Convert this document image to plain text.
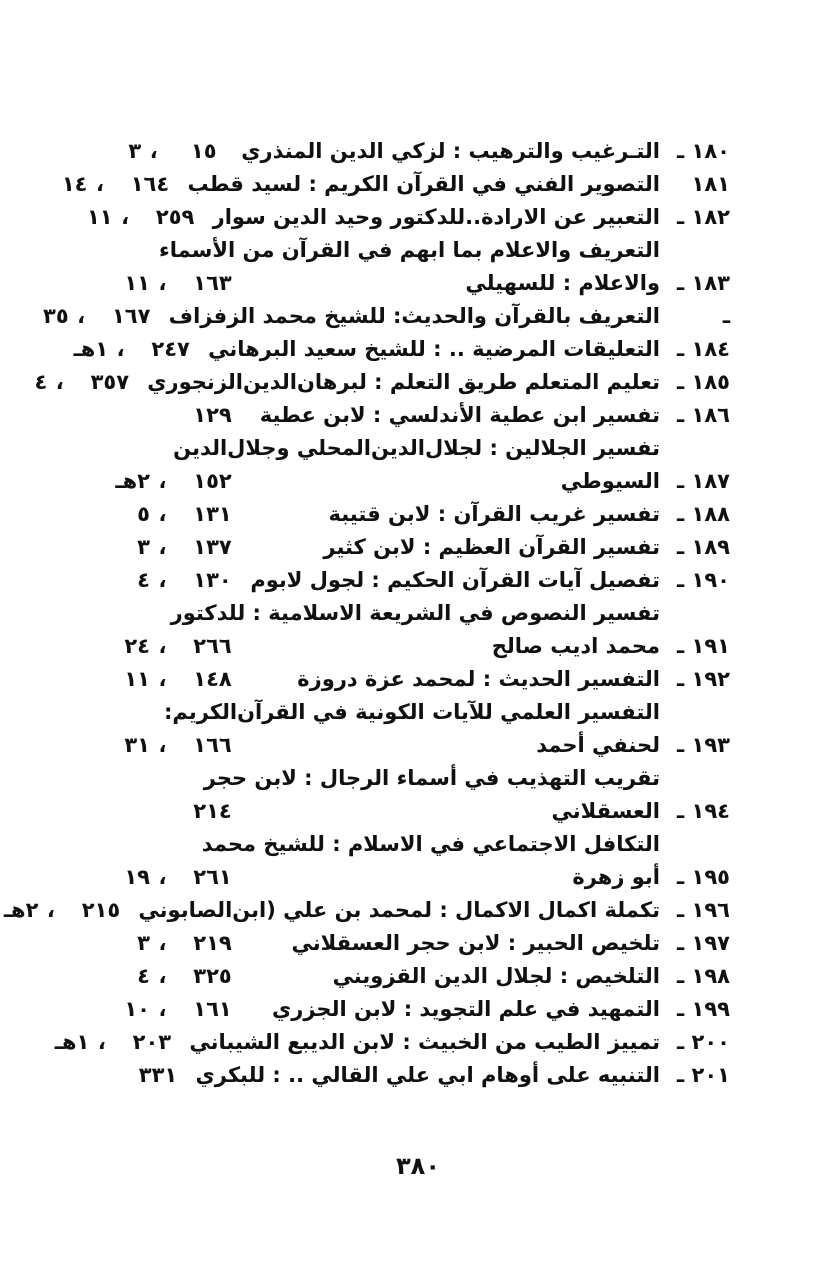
١٨٠ ـ
التـرغيب والترهيب : لزكي الدين المنذري
١٥
،
٣
١٨١
التصوير الفني في القرآن الكريم : لسيد قطب
١٦٤
،
١٤
١٨٢ ـ
التعبير عن الارادة..للدكتور وحيد الدين سوار
٢٥٩
،
١١
١٨٣ ـ
التعريف والاعلام بما ابهم في القرآن من الأسماء
والاعلام : للسهيلي
١٦٣
،
١١
ـ
التعريف بالقرآن والحديث: للشيخ محمد الزفزاف
١٦٧
،
٣٥
١٨٤ ـ
التعليقات المرضية .. : للشيخ سعيد البرهاني
٢٤٧
،
١هـ
١٨٥ ـ
تعليم المتعلم طريق التعلم : لبرهان‌الدين‌الزنجوري
٣٥٧
،
٤
١٨٦ ـ
تفسير ابن عطية الأندلسي : لابن عطية
١٢٩
١٨٧ ـ
تفسير الجلالين : لجلال‌الدين‌المحلي وجلال‌الدين
السيوطي
١٥٢
،
٢هـ
١٨٨ ـ
تفسير غريب القرآن : لابن قتيبة
١٣١
،
٥
١٨٩ ـ
تفسير القرآن العظيم : لابن كثير
١٣٧
،
٣
١٩٠ ـ
تفصيل آيات القرآن الحكيم : لجول لابوم
١٣٠
،
٤
١٩١ ـ
تفسير النصوص في الشريعة الاسلامية : للدكتور
محمد اديب صالح
٢٦٦
،
٢٤
١٩٢ ـ
التفسير الحديث : لمحمد عزة دروزة
١٤٨
،
١١
١٩٣ ـ
التفسير العلمي للآيات الكونية في القرآن‌الكريم:
لحنفي أحمد
١٦٦
،
٣١
١٩٤ ـ
تقريب التهذيب في أسماء الرجال : لابن حجر
العسقلاني
٢١٤
١٩٥ ـ
التكافل الاجتماعي في الاسلام : للشيخ محمد
أبو زهرة
٢٦١
،
١٩
١٩٦ ـ
تكملة اكمال الاكمال : لمحمد بن علي (ابن‌الصابوني
٢١٥
،
٢هـ
١٩٧ ـ
تلخيص الحبير : لابن حجر العسقلاني
٢١٩
،
٣
١٩٨ ـ
التلخيص : لجلال الدين القزويني
٣٢٥
،
٤
١٩٩ ـ
التمهيد في علم التجويد : لابن الجزري
١٦١
،
١٠
٢٠٠ ـ
تمييز الطيب من الخبيث : لابن الديبع الشيباني
٢٠٣
،
١هـ
٢٠١ ـ
التنبيه على أوهام ابي علي القالي .. : للبكري
٣٣١
٣٨٠
